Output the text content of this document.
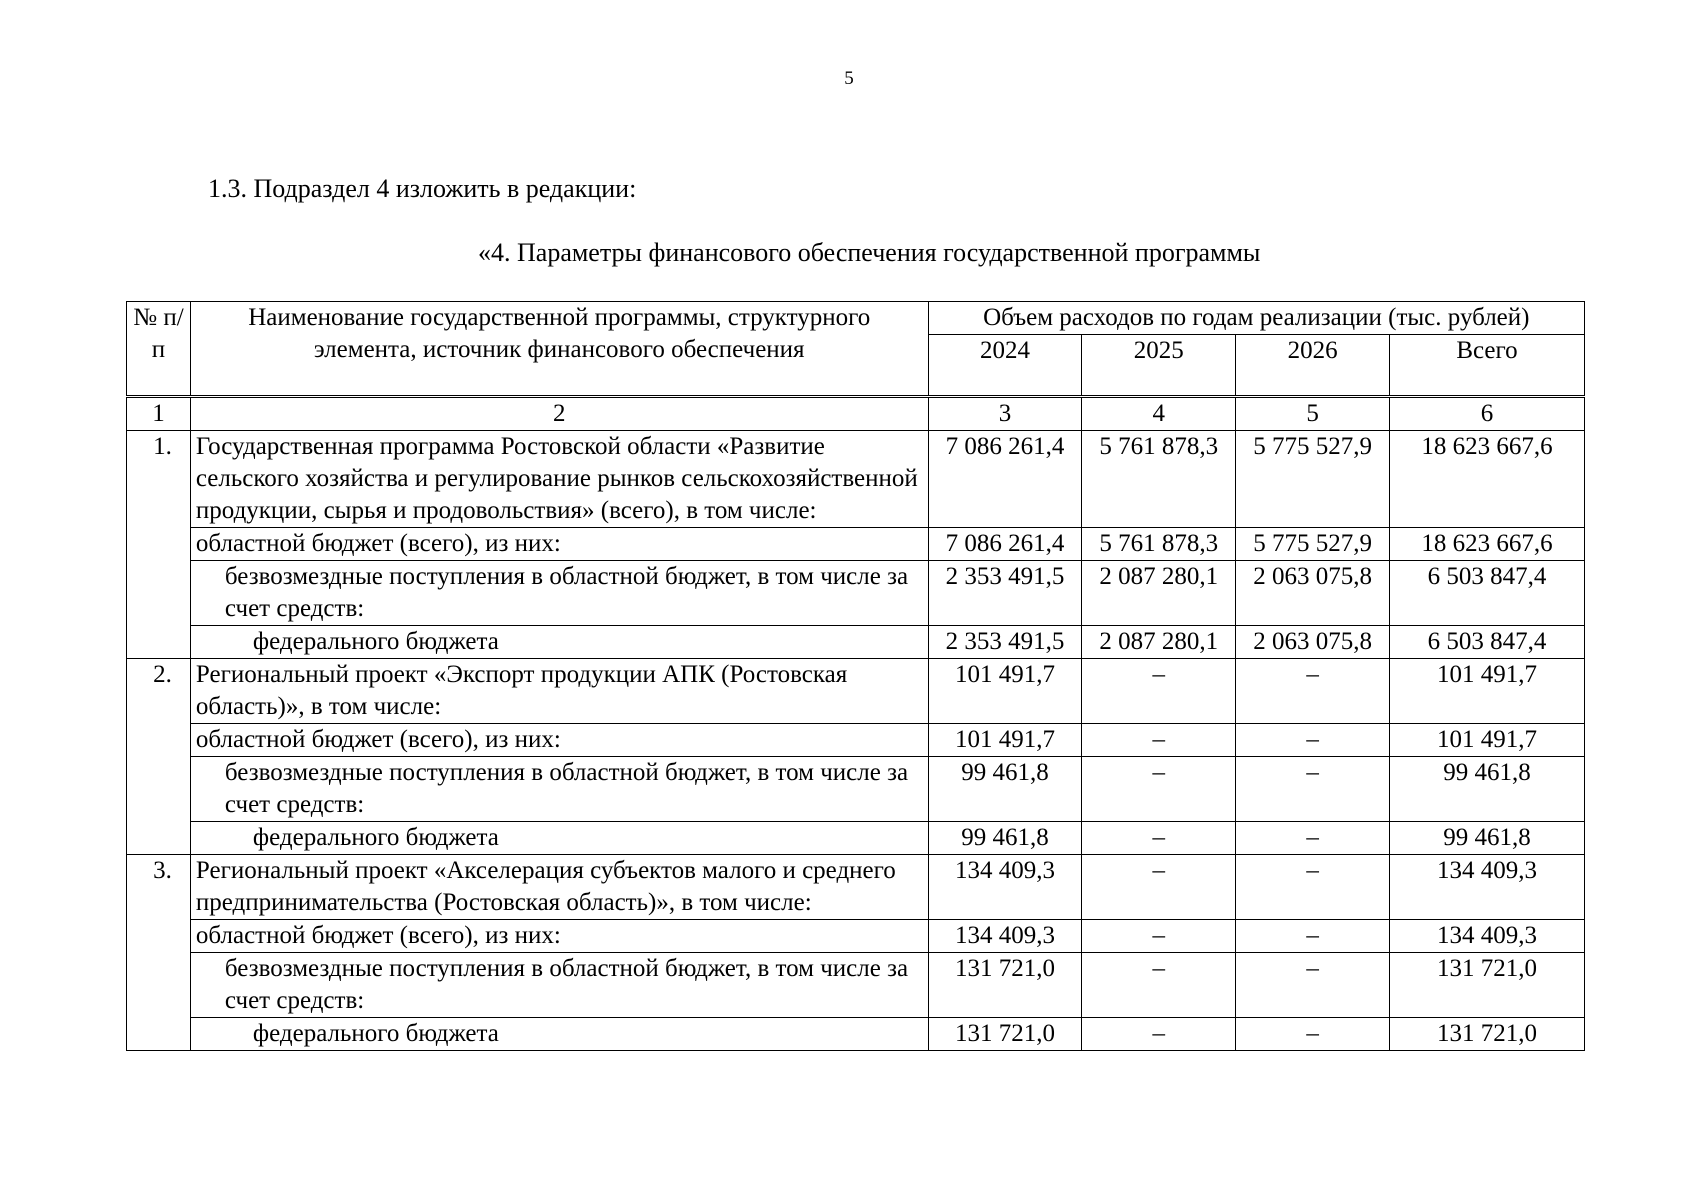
5
1.3. Подраздел 4 изложить в редакции:
«4. Параметры финансового обеспечения государственной программы
№ п/п	Наименование государственной программы, структурного элемента, источник финансового обеспечения	Объем расходов по годам реализации (тыс. рублей)			
		2024	2025	2026	Всего
1	2	3	4	5	6
1.	Государственная программа Ростовской области «Развитие сельского хозяйства и регулирование рынков сельскохозяйственной продукции, сырья и продовольствия» (всего), в том числе:	7 086 261,4	5 761 878,3	5 775 527,9	18 623 667,6
	областной бюджет (всего), из них:	7 086 261,4	5 761 878,3	5 775 527,9	18 623 667,6
	безвозмездные поступления в областной бюджет, в том числе за счет средств:	2 353 491,5	2 087 280,1	2 063 075,8	6 503 847,4
	федерального бюджета	2 353 491,5	2 087 280,1	2 063 075,8	6 503 847,4
2.	Региональный проект «Экспорт продукции АПК (Ростовская область)», в том числе:	101 491,7	–	–	101 491,7
	областной бюджет (всего), из них:	101 491,7	–	–	101 491,7
	безвозмездные поступления в областной бюджет, в том числе за счет средств:	99 461,8	–	–	99 461,8
	федерального бюджета	99 461,8	–	–	99 461,8
3.	Региональный проект «Акселерация субъектов малого и среднего предпринимательства (Ростовская область)», в том числе:	134 409,3	–	–	134 409,3
	областной бюджет (всего), из них:	134 409,3	–	–	134 409,3
	безвозмездные поступления в областной бюджет, в том числе за счет средств:	131 721,0	–	–	131 721,0
	федерального бюджета	131 721,0	–	–	131 721,0
